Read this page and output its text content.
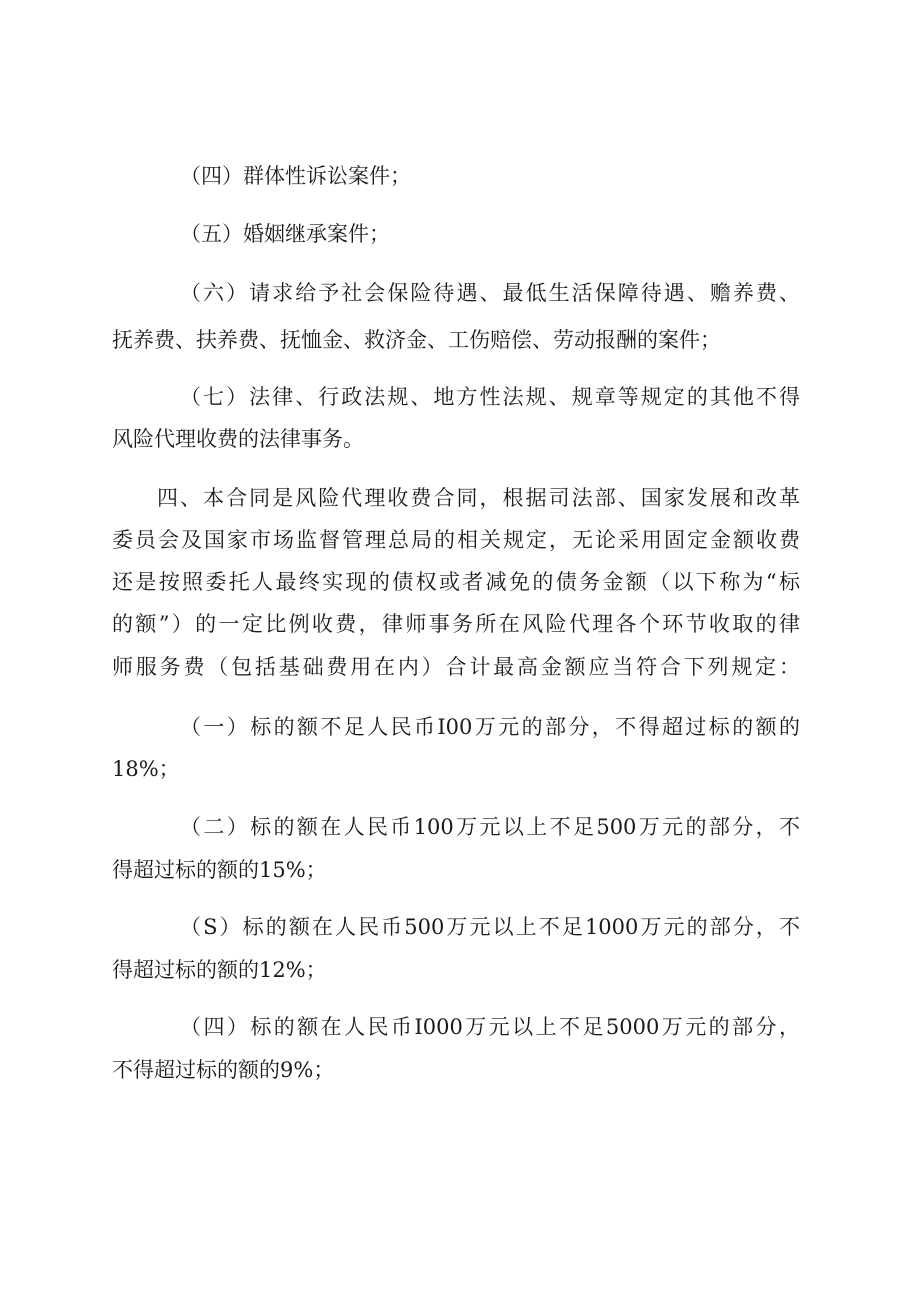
（四）群体性诉讼案件；

（五）婚姻继承案件；

（六）请求给予社会保险待遇、最低生活保障待遇、赡养费、

抚养费、扶养费、抚恤金、救济金、工伤赔偿、劳动报酬的案件；

（七）法律、行政法规、地方性法规、规章等规定的其他不得

风险代理收费的法律事务。

四、本合同是风险代理收费合同，根据司法部、国家发展和改革

委员会及国家市场监督管理总局的相关规定，无论采用固定金额收费

还是按照委托人最终实现的债权或者减免的债务金额（以下称为“标

的额”）的一定比例收费，律师事务所在风险代理各个环节收取的律

师服务费（包括基础费用在内）合计最高金额应当符合下列规定：

（一）标的额不足人民币I00万元的部分，不得超过标的额的

18%；

（二）标的额在人民币100万元以上不足500万元的部分，不

得超过标的额的15%；

（S）标的额在人民币500万元以上不足1000万元的部分，不

得超过标的额的12%；

（四）标的额在人民币I000万元以上不足5000万元的部分，

不得超过标的额的9%；
